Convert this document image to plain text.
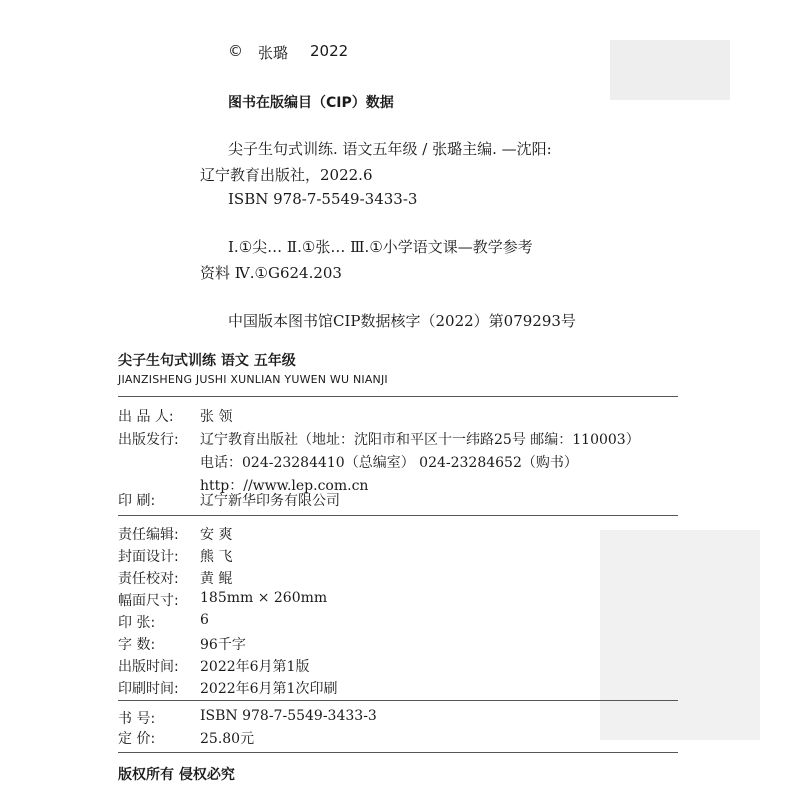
© 张璐 2022
图书在版编目（CIP）数据
尖子生句式训练. 语文五年级 / 张璐主编. —沈阳:
辽宁教育出版社，2022.6
ISBN 978-7-5549-3433-3
Ⅰ.①尖… Ⅱ.①张… Ⅲ.①小学语文课—教学参考
资料 Ⅳ.①G624.203
中国版本图书馆CIP数据核字（2022）第079293号
尖子生句式训练 语文 五年级
JIANZISHENG JUSHI XUNLIAN YUWEN WU NIANJI
出 品 人: 张 领
出版发行: 辽宁教育出版社（地址：沈阳市和平区十一纬路25号 邮编：110003）
电话：024-23284410（总编室） 024-23284652（购书）
http：//www.lep.com.cn
印 刷:	辽宁新华印务有限公司
责任编辑: 安 爽
封面设计: 熊 飞
责任校对: 黄 鲲
幅面尺寸: 185mm × 260mm
印 张:	6
字 数:	96千字
出版时间: 2022年6月第1版
印刷时间: 2022年6月第1次印刷
书 号:	ISBN 978-7-5549-3433-3
定 价:	25.80元
版权所有 侵权必究
